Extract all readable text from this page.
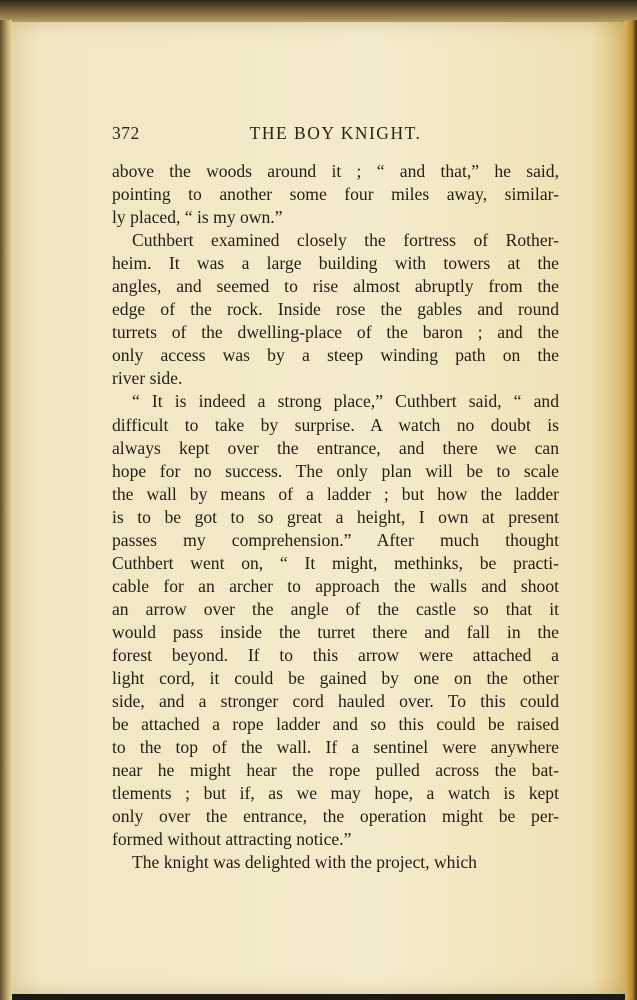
372	THE BOY KNIGHT.
above the woods around it ; “ and that,” he said,
pointing to another some four miles away, similar-
ly placed, “ is my own.”
Cuthbert examined closely the fortress of Rother-
heim. It was a large building with towers at the
angles, and seemed to rise almost abruptly from the
edge of the rock. Inside rose the gables and round
turrets of the dwelling-place of the baron ; and the
only access was by a steep winding path on the
river side.
“ It is indeed a strong place,” Cuthbert said, “ and
difficult to take by surprise. A watch no doubt is
always kept over the entrance, and there we can
hope for no success. The only plan will be to scale
the wall by means of a ladder ; but how the ladder
is to be got to so great a height, I own at present
passes my comprehension.” After much thought
Cuthbert went on, “ It might, methinks, be practi-
cable for an archer to approach the walls and shoot
an arrow over the angle of the castle so that it
would pass inside the turret there and fall in the
forest beyond. If to this arrow were attached a
light cord, it could be gained by one on the other
side, and a stronger cord hauled over. To this could
be attached a rope ladder and so this could be raised
to the top of the wall. If a sentinel were anywhere
near he might hear the rope pulled across the bat-
tlements ; but if, as we may hope, a watch is kept
only over the entrance, the operation might be per-
formed without attracting notice.”
The knight was delighted with the project, which
